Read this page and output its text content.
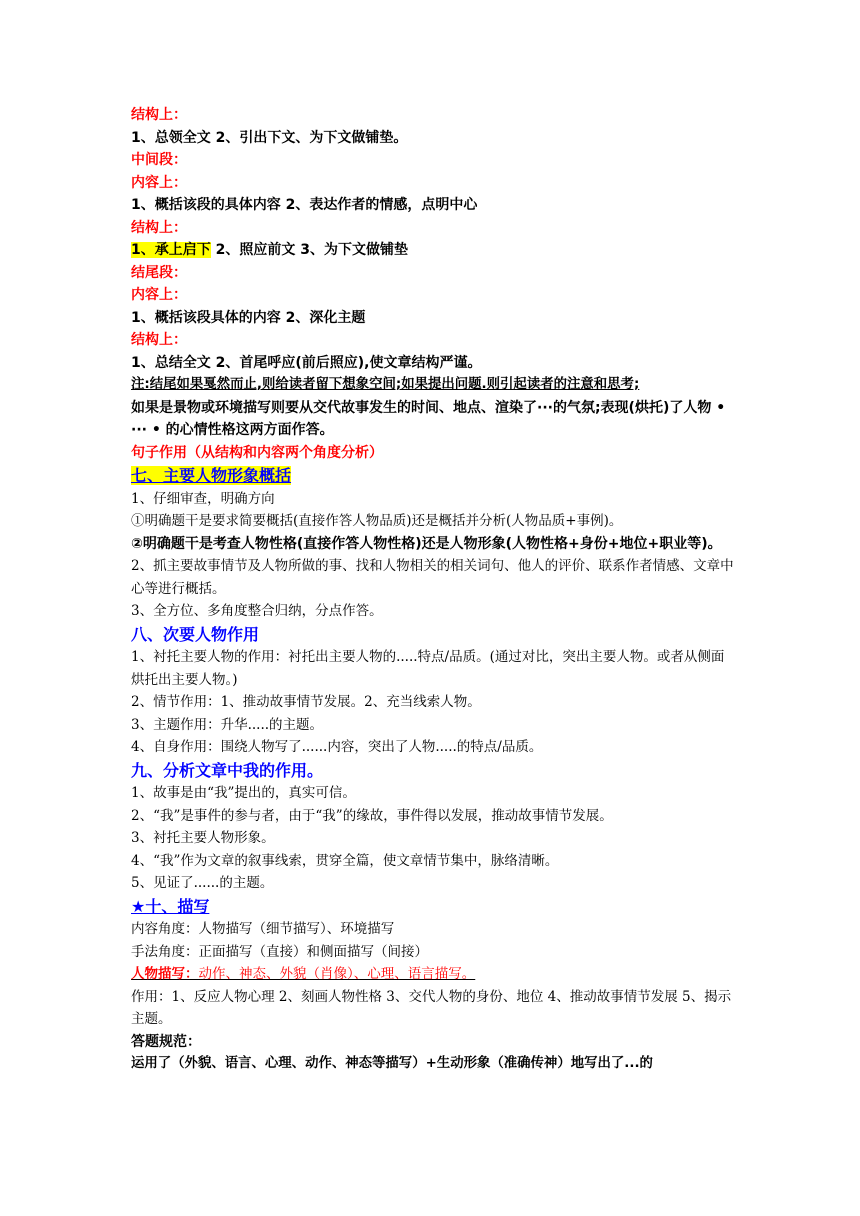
结构上：

1、总领全文 2、引出下文、为下文做铺垫。

中间段：

内容上：

1、概括该段的具体内容 2、表达作者的情感，点明中心

结构上：

1、承上启下 2、照应前文 3、为下文做铺垫

结尾段：

内容上：

1、概括该段具体的内容 2、深化主题

结构上：

1、总结全文 2、首尾呼应(前后照应),使文章结构严谨。

注:结尾如果戛然而止,则给读者留下想象空间;如果提出问题.则引起读者的注意和思考;

如果是景物或环境描写则要从交代故事发生的时间、地点、渲染了···的气氛;表现(烘托)了人物 • ··· • 的心情性格这两方面作答。

句子作用（从结构和内容两个角度分析）

七、主要人物形象概括

1、仔细审查，明确方向

①明确题干是要求简要概括(直接作答人物品质)还是概括并分析(人物品质+事例)。

②明确题干是考查人物性格(直接作答人物性格)还是人物形象(人物性格+身份+地位+职业等)。

2、抓主要故事情节及人物所做的事、找和人物相关的相关词句、他人的评价、联系作者情感、文章中心等进行概括。

3、全方位、多角度整合归纳，分点作答。

八、次要人物作用

1、衬托主要人物的作用：衬托出主要人物的.....特点/品质。(通过对比，突出主要人物。或者从侧面烘托出主要人物。)

2、情节作用：1、推动故事情节发展。2、充当线索人物。

3、主题作用：升华.....的主题。

4、自身作用：围绕人物写了......内容，突出了人物.....的特点/品质。

九、分析文章中我的作用。

1、故事是由“我”提出的，真实可信。

2、“我”是事件的参与者，由于“我”的缘故，事件得以发展，推动故事情节发展。

3、衬托主要人物形象。

4、“我”作为文章的叙事线索，贯穿全篇，使文章情节集中，脉络清晰。

5、见证了......的主题。

★十、描写

内容角度：人物描写（细节描写）、环境描写

手法角度：正面描写（直接）和侧面描写（间接）

人物描写：动作、神态、外貌（肖像）、心理、语言描写。

作用：1、反应人物心理 2、刻画人物性格 3、交代人物的身份、地位 4、推动故事情节发展 5、揭示主题。

答题规范：

运用了（外貌、语言、心理、动作、神态等描写）+生动形象（准确传神）地写出了...的
